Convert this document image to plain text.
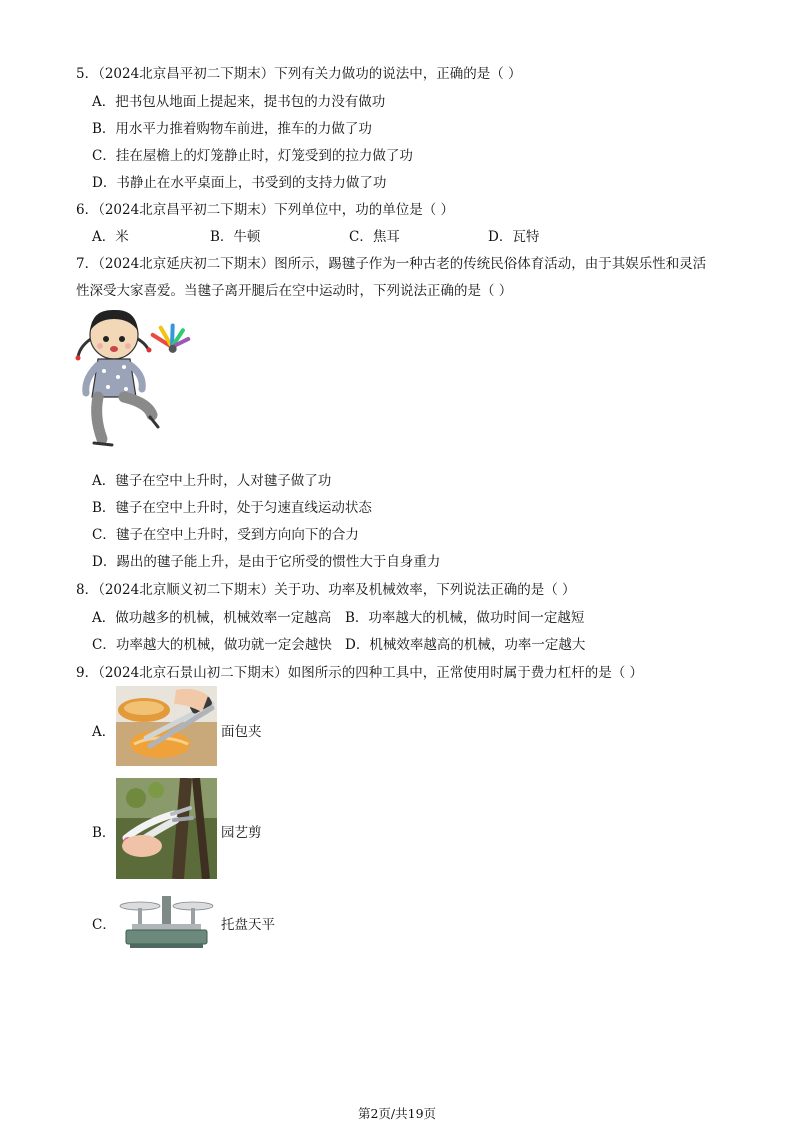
5．（2024北京昌平初二下期末）下列有关力做功的说法中，正确的是（ ）
A．把书包从地面上提起来，提书包的力没有做功
B．用水平力推着购物车前进，推车的力做了功
C．挂在屋檐上的灯笼静止时，灯笼受到的拉力做了功
D．书静止在水平桌面上，书受到的支持力做了功
6．（2024北京昌平初二下期末）下列单位中，功的单位是（ ）
A．米	B．牛顿	C．焦耳	D．瓦特
7．（2024北京延庆初二下期末）图所示，踢毽子作为一种古老的传统民俗体育活动，由于其娱乐性和灵活
性深受大家喜爱。当毽子离开腿后在空中运动时，下列说法正确的是（ ）
A．毽子在空中上升时，人对毽子做了功
B．毽子在空中上升时，处于匀速直线运动状态
C．毽子在空中上升时，受到方向向下的合力
D．踢出的毽子能上升，是由于它所受的惯性大于自身重力
8．（2024北京顺义初二下期末）关于功、功率及机械效率，下列说法正确的是（ ）
A．做功越多的机械，机械效率一定越高 B．功率越大的机械，做功时间一定越短
C．功率越大的机械，做功就一定会越快 D．机械效率越高的机械，功率一定越大
9．（2024北京石景山初二下期末）如图所示的四种工具中，正常使用时属于费力杠杆的是（ ）
A．	面包夹
B．	园艺剪
C．	托盘天平
第2页/共19页
